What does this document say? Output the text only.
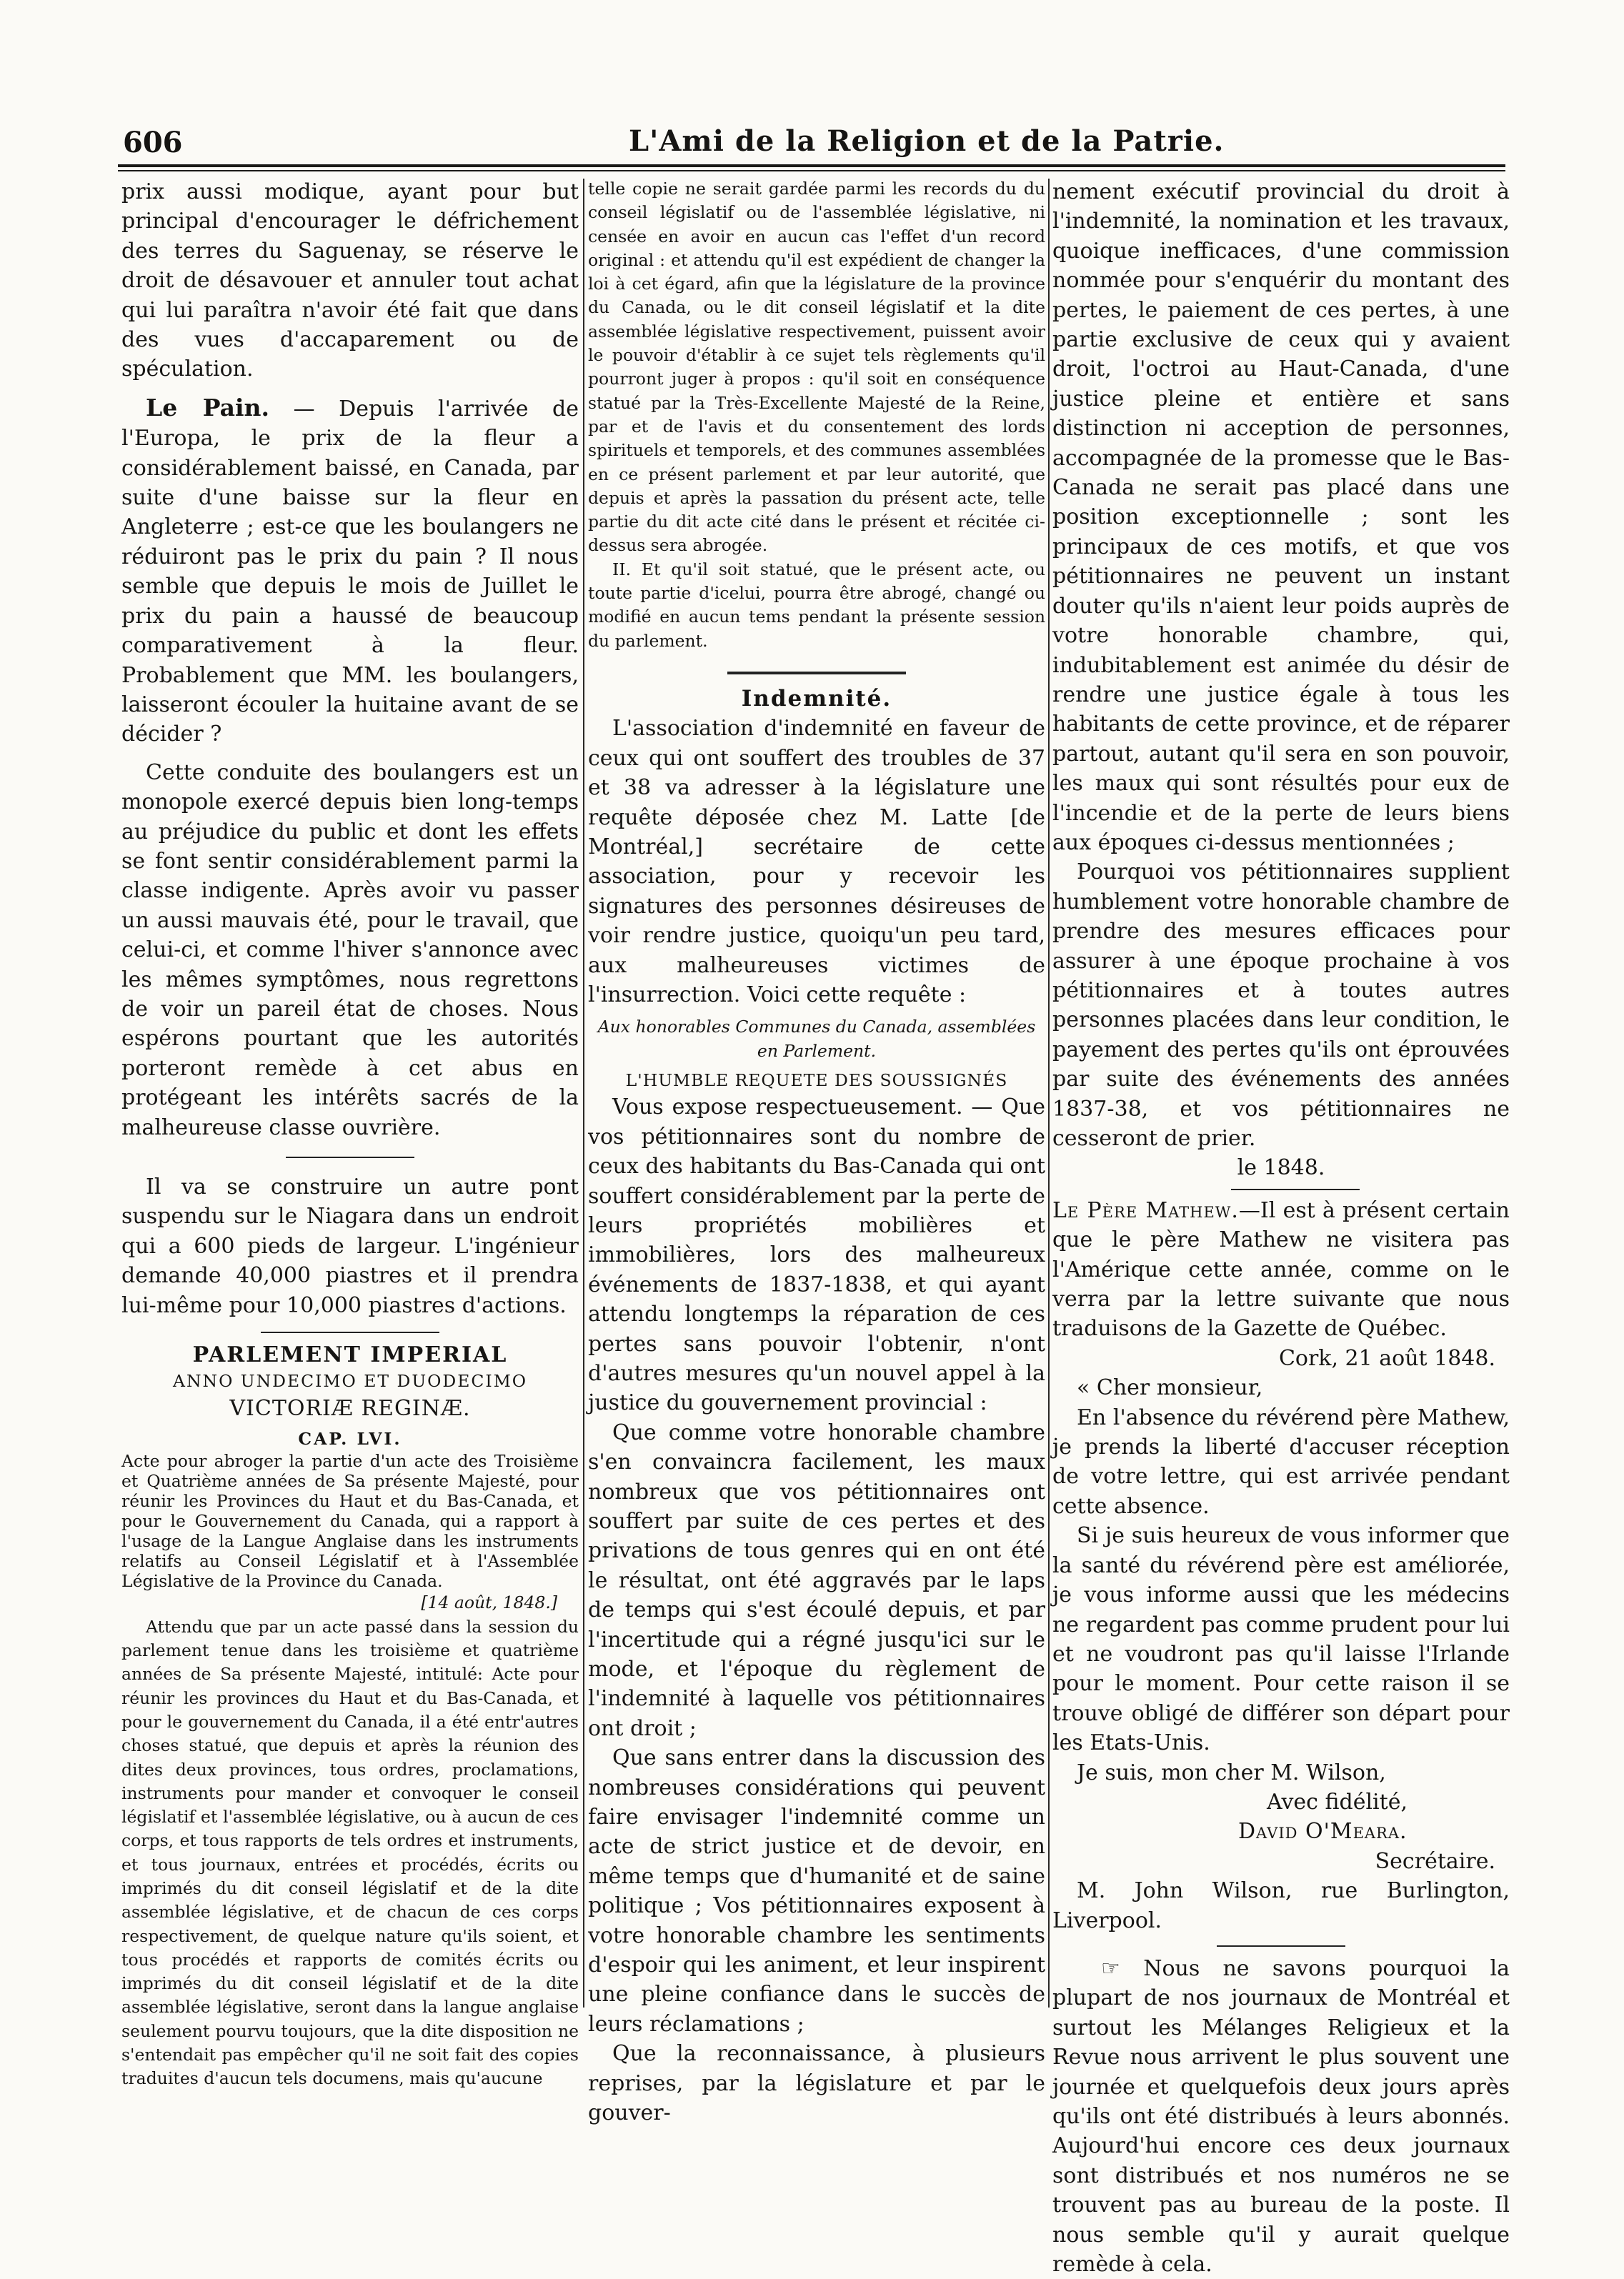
606	L'Ami de la Religion et de la Patrie.

prix aussi modique, ayant pour but principal d'encourager le défrichement des terres du Saguenay, se réserve le droit de désavouer et annuler tout achat qui lui paraîtra n'avoir été fait que dans des vues d'accaparement ou de spéculation.

Le Pain. — Depuis l'arrivée de l'Europa, le prix de la fleur a considérablement baissé, en Canada, par suite d'une baisse sur la fleur en Angleterre ; est-ce que les boulangers ne réduiront pas le prix du pain ? Il nous semble que depuis le mois de Juillet le prix du pain a haussé de beaucoup comparativement à la fleur. Probablement que MM. les boulangers, laisseront écouler la huitaine avant de se décider ?

Cette conduite des boulangers est un monopole exercé depuis bien long-temps au préjudice du public et dont les effets se font sentir considérablement parmi la classe indigente. Après avoir vu passer un aussi mauvais été, pour le travail, que celui-ci, et comme l'hiver s'annonce avec les mêmes symptômes, nous regrettons de voir un pareil état de choses. Nous espérons pourtant que les autorités porteront remède à cet abus en protégeant les intérêts sacrés de la malheureuse classe ouvrière.

Il va se construire un autre pont suspendu sur le Niagara dans un endroit qui a 600 pieds de largeur. L'ingénieur demande 40,000 piastres et il prendra lui-même pour 10,000 piastres d'actions.

PARLEMENT IMPERIAL

ANNO UNDECIMO ET DUODECIMO

VICTORIÆ REGINÆ.

CAP. LVI.

Acte pour abroger la partie d'un acte des Troisième et Quatrième années de Sa présente Majesté, pour réunir les Provinces du Haut et du Bas-Canada, et pour le Gouvernement du Canada, qui a rapport à l'usage de la Langue Anglaise dans les instruments relatifs au Conseil Législatif et à l'Assemblée Législative de la Province du Canada.

[14 août, 1848.]

Attendu que par un acte passé dans la session du parlement tenue dans les troisième et quatrième années de Sa présente Majesté, intitulé: Acte pour réunir les provinces du Haut et du Bas-Canada, et pour le gouvernement du Canada, il a été entr'autres choses statué, que depuis et après la réunion des dites deux provinces, tous ordres, proclamations, instruments pour mander et convoquer le conseil législatif et l'assemblée législative, ou à aucun de ces corps, et tous rapports de tels ordres et instruments, et tous journaux, entrées et procédés, écrits ou imprimés du dit conseil législatif et de la dite assemblée législative, et de chacun de ces corps respectivement, de quelque nature qu'ils soient, et tous procédés et rapports de comités écrits ou imprimés du dit conseil législatif et de la dite assemblée législative, seront dans la langue anglaise seulement pourvu toujours, que la dite disposition ne s'entendait pas empêcher qu'il ne soit fait des copies traduites d'aucun tels documens, mais qu'aucune

telle copie ne serait gardée parmi les records du du conseil législatif ou de l'assemblée législative, ni censée en avoir en aucun cas l'effet d'un record original : et attendu qu'il est expédient de changer la loi à cet égard, afin que la législature de la province du Canada, ou le dit conseil législatif et la dite assemblée législative respectivement, puissent avoir le pouvoir d'établir à ce sujet tels règlements qu'il pourront juger à propos : qu'il soit en conséquence statué par la Très-Excellente Majesté de la Reine, par et de l'avis et du consentement des lords spirituels et temporels, et des communes assemblées en ce présent parlement et par leur autorité, que depuis et après la passation du présent acte, telle partie du dit acte cité dans le présent et récitée ci-dessus sera abrogée.

II. Et qu'il soit statué, que le présent acte, ou toute partie d'icelui, pourra être abrogé, changé ou modifié en aucun tems pendant la présente session du parlement.

Indemnité.

L'association d'indemnité en faveur de ceux qui ont souffert des troubles de 37 et 38 va adresser à la législature une requête déposée chez M. Latte [de Montréal,] secrétaire de cette association, pour y recevoir les signatures des personnes désireuses de voir rendre justice, quoiqu'un peu tard, aux malheureuses victimes de l'insurrection. Voici cette requête :

Aux honorables Communes du Canada, assemblées en Parlement.

L'HUMBLE REQUETE DES SOUSSIGNÉS

Vous expose respectueusement. — Que vos pétitionnaires sont du nombre de ceux des habitants du Bas-Canada qui ont souffert considérablement par la perte de leurs propriétés mobilières et immobilières, lors des malheureux événements de 1837-1838, et qui ayant attendu longtemps la réparation de ces pertes sans pouvoir l'obtenir, n'ont d'autres mesures qu'un nouvel appel à la justice du gouvernement provincial :

Que comme votre honorable chambre s'en convaincra facilement, les maux nombreux que vos pétitionnaires ont souffert par suite de ces pertes et des privations de tous genres qui en ont été le résultat, ont été aggravés par le laps de temps qui s'est écoulé depuis, et par l'incertitude qui a régné jusqu'ici sur le mode, et l'époque du règlement de l'indemnité à laquelle vos pétitionnaires ont droit ;

Que sans entrer dans la discussion des nombreuses considérations qui peuvent faire envisager l'indemnité comme un acte de strict justice et de devoir, en même temps que d'humanité et de saine politique ; Vos pétitionnaires exposent à votre honorable chambre les sentiments d'espoir qui les animent, et leur inspirent une pleine confiance dans le succès de leurs réclamations ;

Que la reconnaissance, à plusieurs reprises, par la législature et par le gouver-

nement exécutif provincial du droit à l'indemnité, la nomination et les travaux, quoique inefficaces, d'une commission nommée pour s'enquérir du montant des pertes, le paiement de ces pertes, à une partie exclusive de ceux qui y avaient droit, l'octroi au Haut-Canada, d'une justice pleine et entière et sans distinction ni acception de personnes, accompagnée de la promesse que le Bas-Canada ne serait pas placé dans une position exceptionnelle ; sont les principaux de ces motifs, et que vos pétitionnaires ne peuvent un instant douter qu'ils n'aient leur poids auprès de votre honorable chambre, qui, indubitablement est animée du désir de rendre une justice égale à tous les habitants de cette province, et de réparer partout, autant qu'il sera en son pouvoir, les maux qui sont résultés pour eux de l'incendie et de la perte de leurs biens aux époques ci-dessus mentionnées ;

Pourquoi vos pétitionnaires supplient humblement votre honorable chambre de prendre des mesures efficaces pour assurer à une époque prochaine à vos pétitionnaires et à toutes autres personnes placées dans leur condition, le payement des pertes qu'ils ont éprouvées par suite des événements des années 1837-38, et vos pétitionnaires ne cesseront de prier.

le 1848.

Le Père Mathew.—Il est à présent certain que le père Mathew ne visitera pas l'Amérique cette année, comme on le verra par la lettre suivante que nous traduisons de la Gazette de Québec.

Cork, 21 août 1848.

« Cher monsieur,

En l'absence du révérend père Mathew, je prends la liberté d'accuser réception de votre lettre, qui est arrivée pendant cette absence.

Si je suis heureux de vous informer que la santé du révérend père est améliorée, je vous informe aussi que les médecins ne regardent pas comme prudent pour lui et ne voudront pas qu'il laisse l'Irlande pour le moment. Pour cette raison il se trouve obligé de différer son départ pour les Etats-Unis.

Je suis, mon cher M. Wilson,

Avec fidélité,

David O'Meara.

Secrétaire.

M. John Wilson, rue Burlington, Liverpool.

☞ Nous ne savons pourquoi la plupart de nos journaux de Montréal et surtout les Mélanges Religieux et la Revue nous arrivent le plus souvent une journée et quelquefois deux jours après qu'ils ont été distribués à leurs abonnés. Aujourd'hui encore ces deux journaux sont distribués et nos numéros ne se trouvent pas au bureau de la poste. Il nous semble qu'il y aurait quelque remède à cela.
